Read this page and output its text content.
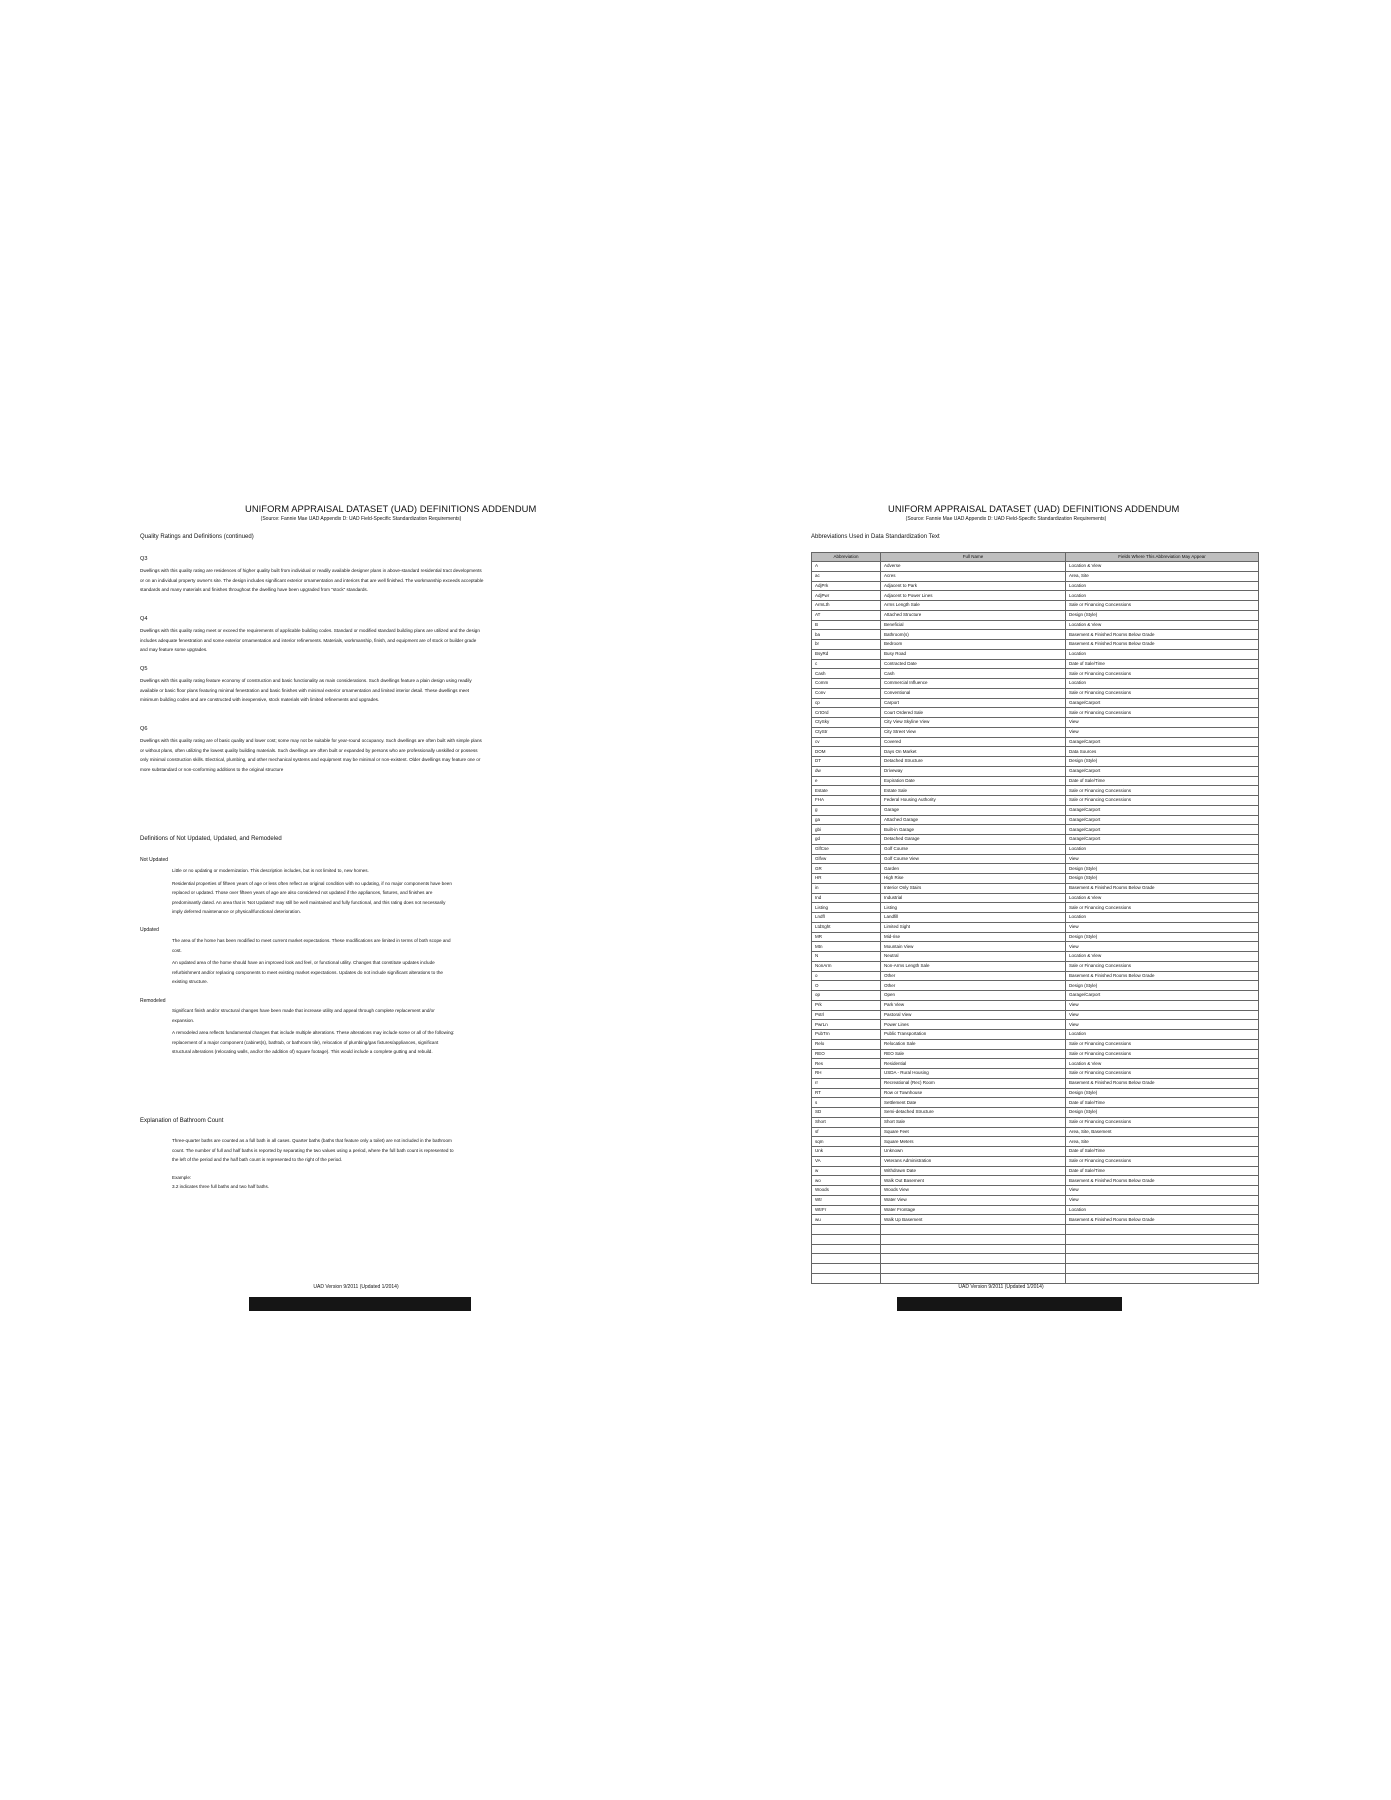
UNIFORM APPRAISAL DATASET (UAD) DEFINITIONS ADDENDUM
(Source: Fannie Mae UAD Appendix D: UAD Field-Specific Standardization Requirements)
Quality Ratings and Definitions (continued)
Q3
Dwellings with this quality rating are residences of higher quality built from individual or readily available designer plans in above-standard residential tract developments or on an individual property owner's site. The design includes significant exterior ornamentation and interiors that are well finished. The workmanship exceeds acceptable standards and many materials and finishes throughout the dwelling have been upgraded from "stock" standards.
Q4
Dwellings with this quality rating meet or exceed the requirements of applicable building codes. Standard or modified standard building plans are utilized and the design includes adequate fenestration and some exterior ornamentation and interior refinements. Materials, workmanship, finish, and equipment are of stock or builder grade and may feature some upgrades.
Q5
Dwellings with this quality rating feature economy of construction and basic functionality as main considerations. Such dwellings feature a plain design using readily available or basic floor plans featuring minimal fenestration and basic finishes with minimal exterior ornamentation and limited interior detail. These dwellings meet minimum building codes and are constructed with inexpensive, stock materials with limited refinements and upgrades.
Q6
Dwellings with this quality rating are of basic quality and lower cost; some may not be suitable for year-round occupancy. Such dwellings are often built with simple plans or without plans, often utilizing the lowest quality building materials. Such dwellings are often built or expanded by persons who are professionally unskilled or possess only minimal construction skills. Electrical, plumbing, and other mechanical systems and equipment may be minimal or non-existent. Older dwellings may feature one or more substandard or non-conforming additions to the original structure
Definitions of Not Updated, Updated, and Remodeled
Not Updated

Little or no updating or modernization. This description includes, but is not limited to, new homes.

Residential properties of fifteen years of age or less often reflect an original condition with no updating, if no major components have been replaced or updated. Those over fifteen years of age are also considered not updated if the appliances, fixtures, and finishes are predominantly dated. An area that is 'Not Updated' may still be well maintained and fully functional, and this rating does not necessarily imply deferred maintenance or physical/functional deterioration.

Updated

The area of the home has been modified to meet current market expectations. These modifications are limited in terms of both scope and cost.

An updated area of the home should have an improved look and feel, or functional utility. Changes that constitute updates include refurbishment and/or replacing components to meet existing market expectations. Updates do not include significant alterations to the existing structure.

Remodeled

Significant finish and/or structural changes have been made that increase utility and appeal through complete replacement and/or expansion.

A remodeled area reflects fundamental changes that include multiple alterations. These alterations may include some or all of the following: replacement of a major component (cabinet(s), bathtub, or bathroom tile), relocation of plumbing/gas fixtures/appliances, significant structural alterations (relocating walls, and/or the addition of) square footage). This would include a complete gutting and rebuild.

Explanation of Bathroom Count

Three-quarter baths are counted as a full bath in all cases. Quarter baths (baths that feature only a toilet) are not included in the bathroom count. The number of full and half baths is reported by separating the two values using a period, where the full bath count is represented to the left of the period and the half bath count is represented to the right of the period.

Example:

3.2 indicates three full baths and two half baths.

UAD Version 9/2011 (Updated 1/2014)
UNIFORM APPRAISAL DATASET (UAD) DEFINITIONS ADDENDUM
(Source: Fannie Mae UAD Appendix D: UAD Field-Specific Standardization Requirements)
Abbreviations Used in Data Standardization Text
Abbreviation	Full Name	Fields Where This Abbreviation May Appear
A	Adverse	Location & View
ac	Acres	Area, Site
AdjPrk	Adjacent to Park	Location
AdjPwr	Adjacent to Power Lines	Location
ArmLth	Arms Length Sale	Sale or Financing Concessions
AT	Attached Structure	Design (Style)
B	Beneficial	Location & View
ba	Bathroom(s)	Basement & Finished Rooms Below Grade
br	Bedroom	Basement & Finished Rooms Below Grade
BsyRd	Busy Road	Location
c	Contracted Date	Date of Sale/Time
Cash	Cash	Sale or Financing Concessions
Comm	Commercial Influence	Location
Conv	Conventional	Sale or Financing Concessions
cp	Carport	Garage/Carport
CrtOrd	Court Ordered Sale	Sale or Financing Concessions
CtySky	City View Skyline View	View
CtyStr	City Street View	View
cv	Covered	Garage/Carport
DOM	Days On Market	Data Sources
DT	Detached Structure	Design (Style)
dw	Driveway	Garage/Carport
e	Expiration Date	Date of Sale/Time
Estate	Estate Sale	Sale or Financing Concessions
FHA	Federal Housing Authority	Sale or Financing Concessions
g	Garage	Garage/Carport
ga	Attached Garage	Garage/Carport
gbi	Built-in Garage	Garage/Carport
gd	Detached Garage	Garage/Carport
GlfCse	Golf Course	Location
Glfvw	Golf Course View	View
GR	Garden	Design (Style)
HR	High Rise	Design (Style)
in	Interior Only Stairs	Basement & Finished Rooms Below Grade
Ind	Industrial	Location & View
Listing	Listing	Sale or Financing Concessions
Lndfl	Landfill	Location
LtdSght	Limited Sight	View
MR	Mid-rise	Design (Style)
Mtn	Mountain View	View
N	Neutral	Location & View
NonArm	Non-Arms Length Sale	Sale or Financing Concessions
o	Other	Basement & Finished Rooms Below Grade
O	Other	Design (Style)
op	Open	Garage/Carport
Prk	Park View	View
Pstrl	Pastoral View	View
PwrLn	Power Lines	View
PubTrn	Public Transportation	Location
Relo	Relocation Sale	Sale or Financing Concessions
REO	REO Sale	Sale or Financing Concessions
Res	Residential	Location & View
RH	USDA - Rural Housing	Sale or Financing Concessions
rr	Recreational (Rec) Room	Basement & Finished Rooms Below Grade
RT	Row or Townhouse	Design (Style)
s	Settlement Date	Date of Sale/Time
SD	Semi-detached Structure	Design (Style)
Short	Short Sale	Sale or Financing Concessions
sf	Square Feet	Area, Site, Basement
sqm	Square Meters	Area, Site
Unk	Unknown	Date of Sale/Time
VA	Veterans Administration	Sale or Financing Concessions
w	Withdrawn Date	Date of Sale/Time
wo	Walk Out Basement	Basement & Finished Rooms Below Grade
Woods	Woods View	View
Wtr	Water View	View
WtrFr	Water Frontage	Location
wu	Walk Up Basement	Basement & Finished Rooms Below Grade

UAD Version 9/2011 (Updated 1/2014)
